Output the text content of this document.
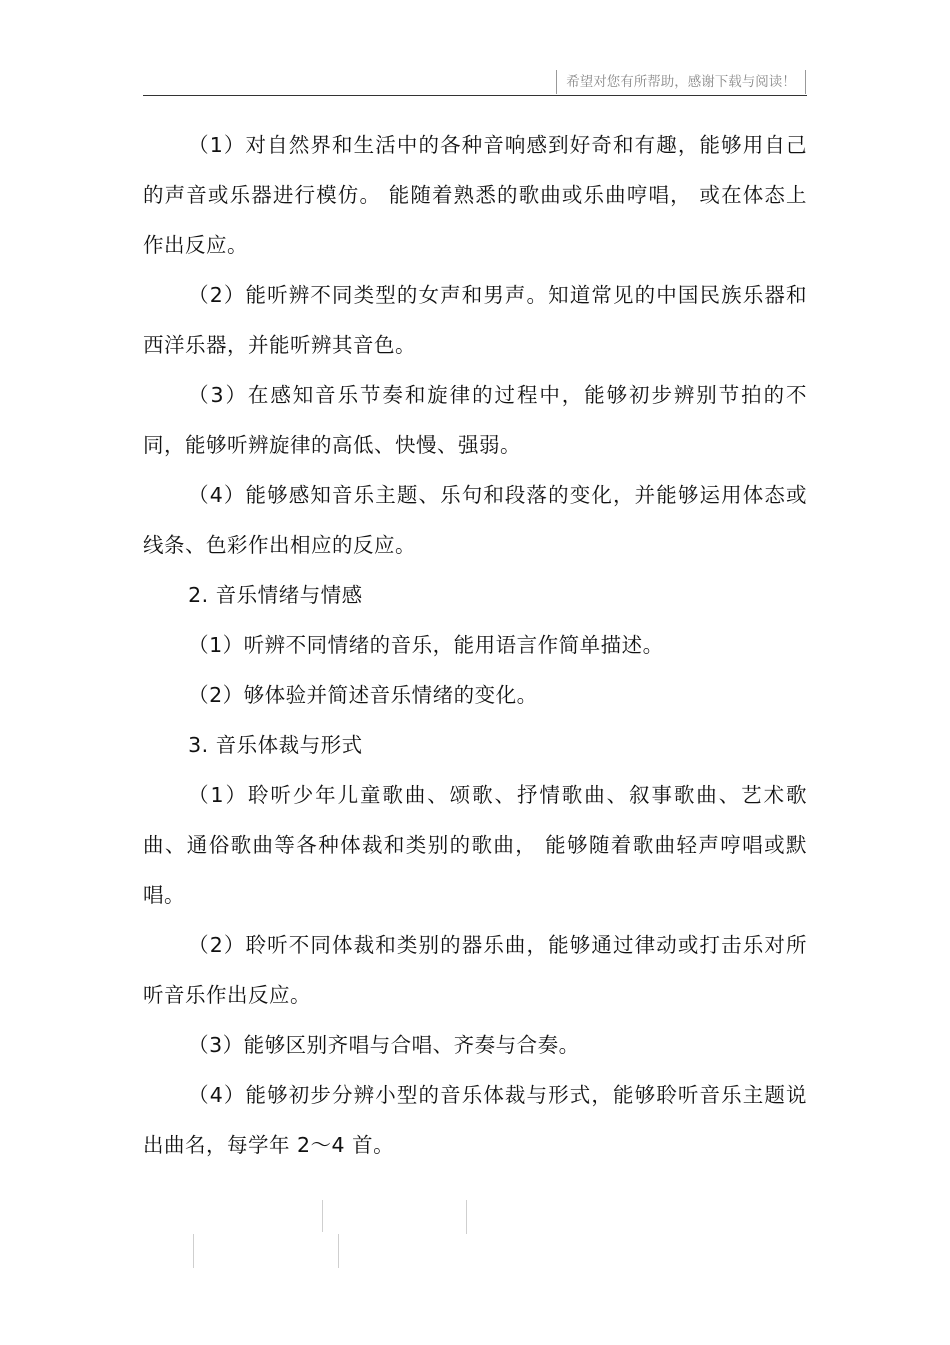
希望对您有所帮助，感谢下载与阅读！

（1）对自然界和生活中的各种音响感到好奇和有趣，能够用自己的声音或乐器进行模仿。 能随着熟悉的歌曲或乐曲哼唱， 或在体态上作出反应。

（2）能听辨不同类型的女声和男声。知道常见的中国民族乐器和西洋乐器，并能听辨其音色。

（3）在感知音乐节奏和旋律的过程中，能够初步辨别节拍的不同，能够听辨旋律的高低、快慢、强弱。

（4）能够感知音乐主题、乐句和段落的变化，并能够运用体态或线条、色彩作出相应的反应。

2. 音乐情绪与情感

（1）听辨不同情绪的音乐，能用语言作简单描述。

（2）够体验并简述音乐情绪的变化。

3. 音乐体裁与形式

（1）聆听少年儿童歌曲、颂歌、抒情歌曲、叙事歌曲、艺术歌曲、通俗歌曲等各种体裁和类别的歌曲， 能够随着歌曲轻声哼唱或默唱。

（2）聆听不同体裁和类别的器乐曲，能够通过律动或打击乐对所听音乐作出反应。

（3）能够区别齐唱与合唱、齐奏与合奏。

（4）能够初步分辨小型的音乐体裁与形式，能够聆听音乐主题说出曲名，每学年 2～4 首。
